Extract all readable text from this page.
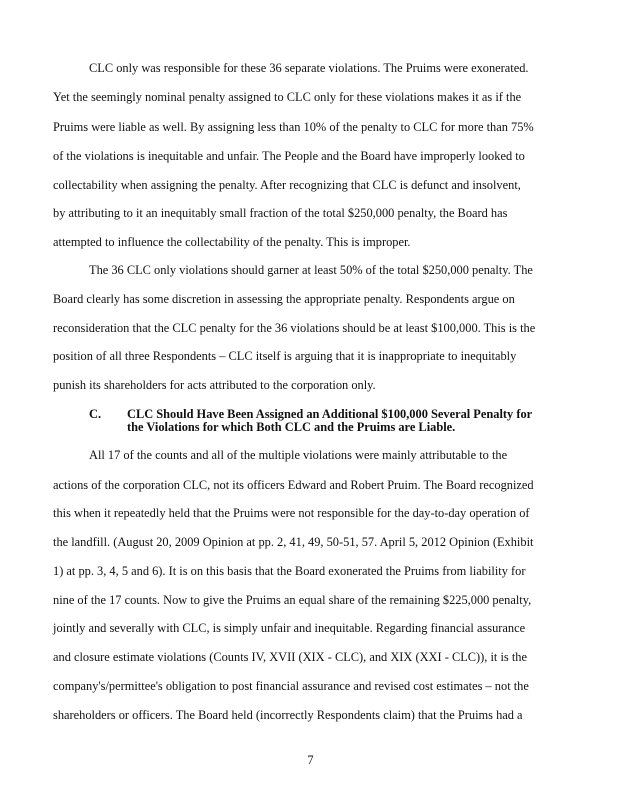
CLC only was responsible for these 36 separate violations. The Pruims were exonerated.
Yet the seemingly nominal penalty assigned to CLC only for these violations makes it as if the
Pruims were liable as well. By assigning less than 10% of the penalty to CLC for more than 75%
of the violations is inequitable and unfair. The People and the Board have improperly looked to
collectability when assigning the penalty. After recognizing that CLC is defunct and insolvent,
by attributing to it an inequitably small fraction of the total $250,000 penalty, the Board has
attempted to influence the collectability of the penalty. This is improper.
The 36 CLC only violations should garner at least 50% of the total $250,000 penalty. The
Board clearly has some discretion in assessing the appropriate penalty. Respondents argue on
reconsideration that the CLC penalty for the 36 violations should be at least $100,000. This is the
position of all three Respondents – CLC itself is arguing that it is inappropriate to inequitably
punish its shareholders for acts attributed to the corporation only.
C. CLC Should Have Been Assigned an Additional $100,000 Several Penalty for
the Violations for which Both CLC and the Pruims are Liable.
All 17 of the counts and all of the multiple violations were mainly attributable to the
actions of the corporation CLC, not its officers Edward and Robert Pruim. The Board recognized
this when it repeatedly held that the Pruims were not responsible for the day-to-day operation of
the landfill. (August 20, 2009 Opinion at pp. 2, 41, 49, 50-51, 57. April 5, 2012 Opinion (Exhibit
1) at pp. 3, 4, 5 and 6). It is on this basis that the Board exonerated the Pruims from liability for
nine of the 17 counts. Now to give the Pruims an equal share of the remaining $225,000 penalty,
jointly and severally with CLC, is simply unfair and inequitable. Regarding financial assurance
and closure estimate violations (Counts IV, XVII (XIX - CLC), and XIX (XXI - CLC)), it is the
company's/permittee's obligation to post financial assurance and revised cost estimates – not the
shareholders or officers. The Board held (incorrectly Respondents claim) that the Pruims had a
7
